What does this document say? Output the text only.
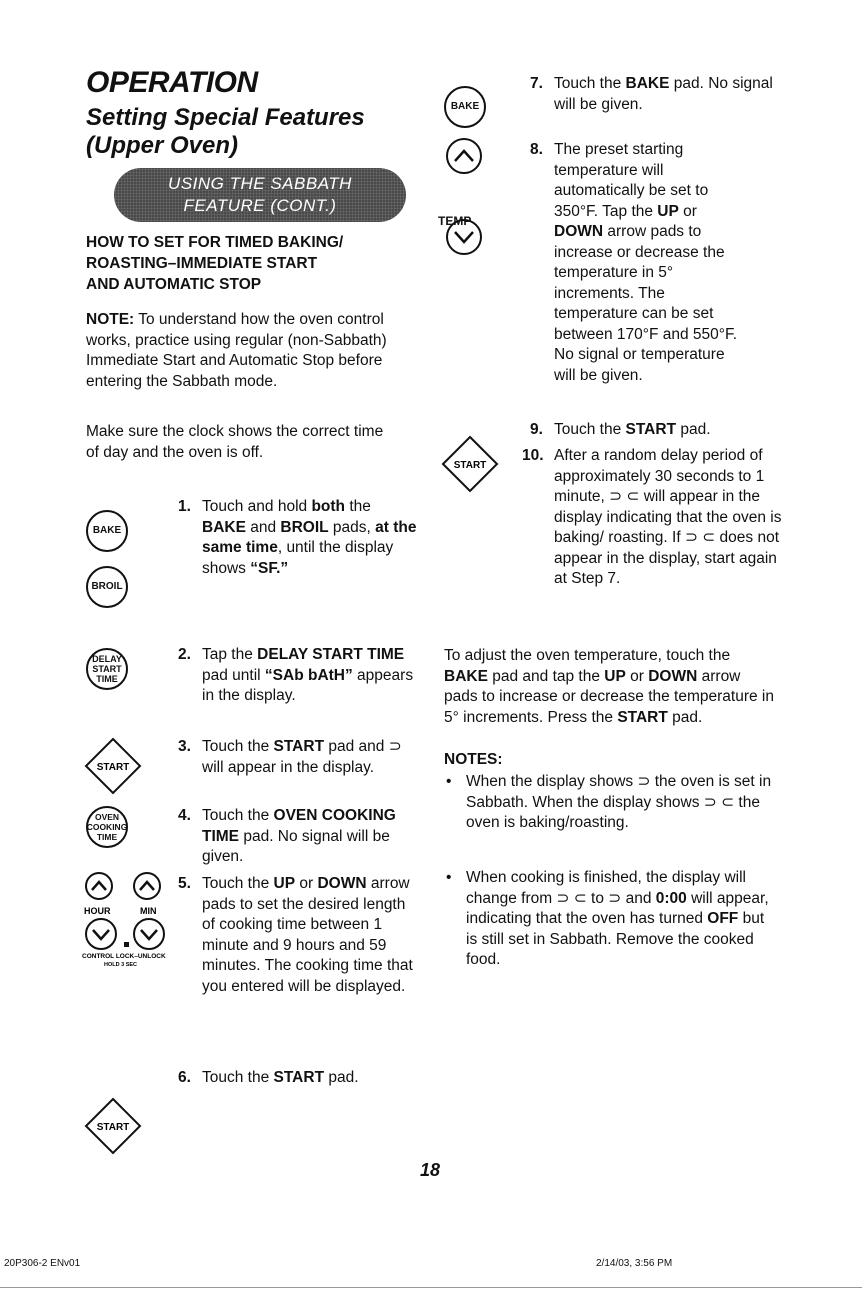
OPERATION
Setting Special Features
(Upper Oven)
USING THE SABBATH
FEATURE (CONT.)
HOW TO SET FOR TIMED BAKING/
ROASTING–IMMEDIATE START
AND AUTOMATIC STOP
NOTE: To understand how the oven control works, practice using regular (non-Sabbath) Immediate Start and Automatic Stop before entering the Sabbath mode.
Make sure the clock shows the correct time of day and the oven is off.
BAKE
BROIL
DELAY
START
TIME
START
OVEN
COOKING
TIME
HOUR	MIN
CONTROL LOCK–UNLOCK
HOLD 3 SEC
START
1. Touch and hold both the BAKE and BROIL pads, at the same time, until the display shows “SF.”
2. Tap the DELAY START TIME pad until “SAb bAtH” appears in the display.
3. Touch the START pad and ⊃ will appear in the display.
4. Touch the OVEN COOKING TIME pad. No signal will be given.
5. Touch the UP or DOWN arrow pads to set the desired length of cooking time between 1 minute and 9 hours and 59 minutes. The cooking time that you entered will be displayed.
6. Touch the START pad.
BAKE
TEMP
START
7. Touch the BAKE pad. No signal will be given.
8. The preset starting temperature will automatically be set to 350°F. Tap the UP or DOWN arrow pads to increase or decrease the temperature in 5° increments. The temperature can be set between 170°F and 550°F. No signal or temperature will be given.
9. Touch the START pad.
10. After a random delay period of approximately 30 seconds to 1 minute, ⊃ ⊂ will appear in the display indicating that the oven is baking/ roasting. If ⊃ ⊂ does not appear in the display, start again at Step 7.
To adjust the oven temperature, touch the BAKE pad and tap the UP or DOWN arrow pads to increase or decrease the temperature in 5° increments. Press the START pad.
NOTES:
• When the display shows ⊃ the oven is set in Sabbath. When the display shows ⊃ ⊂ the oven is baking/roasting.
• When cooking is finished, the display will change from ⊃ ⊂ to ⊃ and 0:00 will appear, indicating that the oven has turned OFF but is still set in Sabbath. Remove the cooked food.
18
20P306-2 ENv01	2/14/03, 3:56 PM
